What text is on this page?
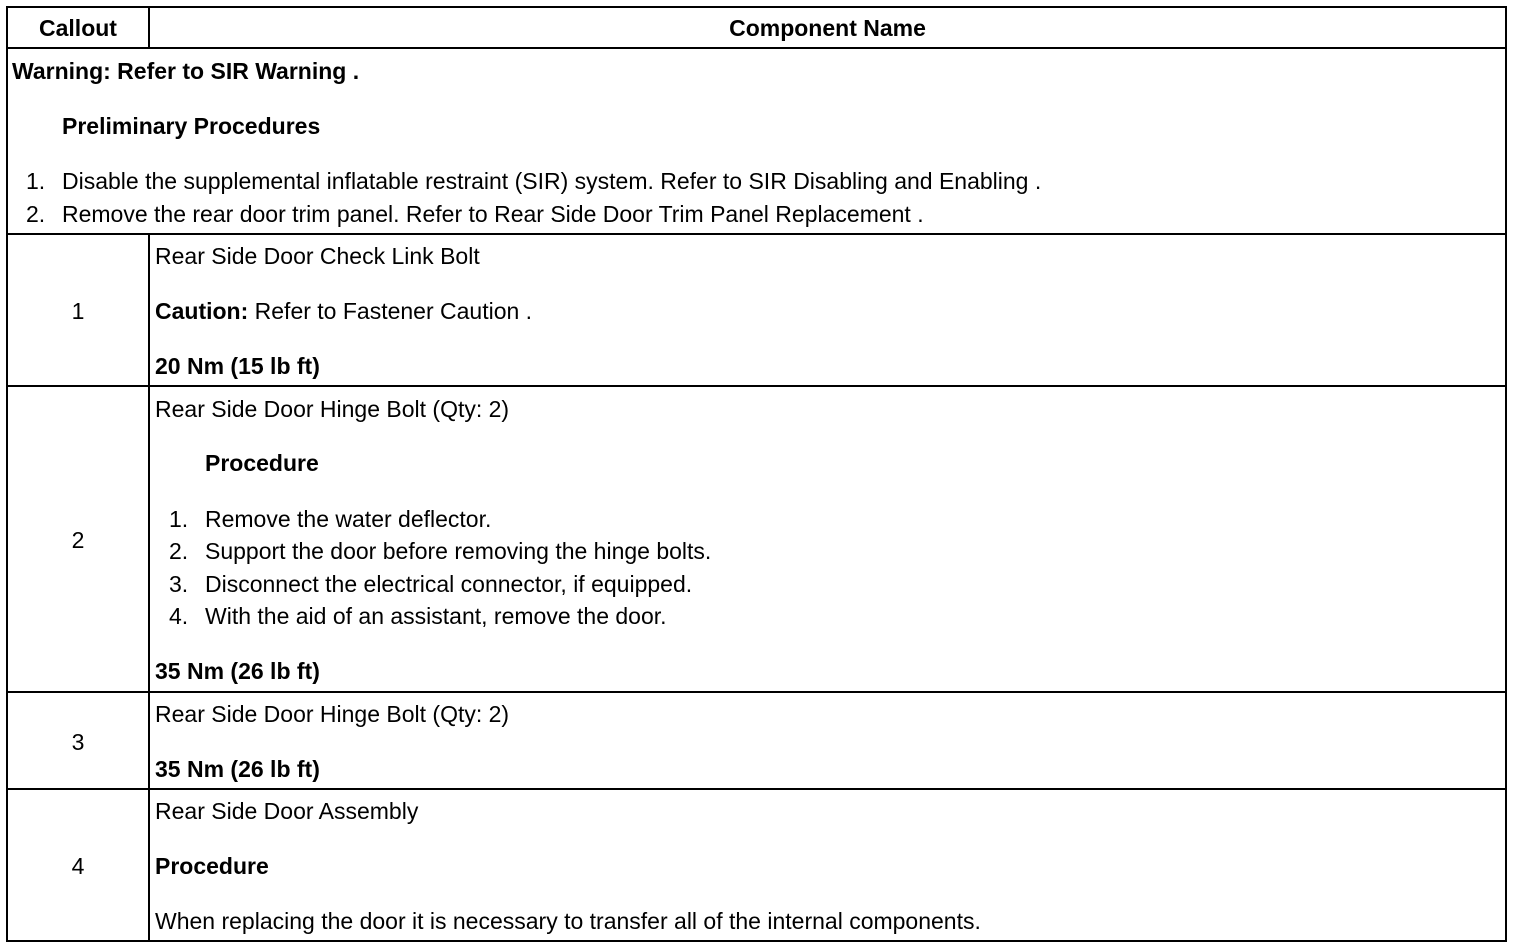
Callout	Component Name
Warning: Refer to SIR Warning .
Preliminary Procedures
1. Disable the supplemental inflatable restraint (SIR) system. Refer to SIR Disabling and Enabling .
2. Remove the rear door trim panel. Refer to Rear Side Door Trim Panel Replacement .
1
Rear Side Door Check Link Bolt
Caution: Refer to Fastener Caution .
20 Nm (15 lb ft)
2
Rear Side Door Hinge Bolt (Qty: 2)
Procedure
1. Remove the water deflector.
2. Support the door before removing the hinge bolts.
3. Disconnect the electrical connector, if equipped.
4. With the aid of an assistant, remove the door.
35 Nm (26 lb ft)
3
Rear Side Door Hinge Bolt (Qty: 2)
35 Nm (26 lb ft)
4
Rear Side Door Assembly
Procedure
When replacing the door it is necessary to transfer all of the internal components.
